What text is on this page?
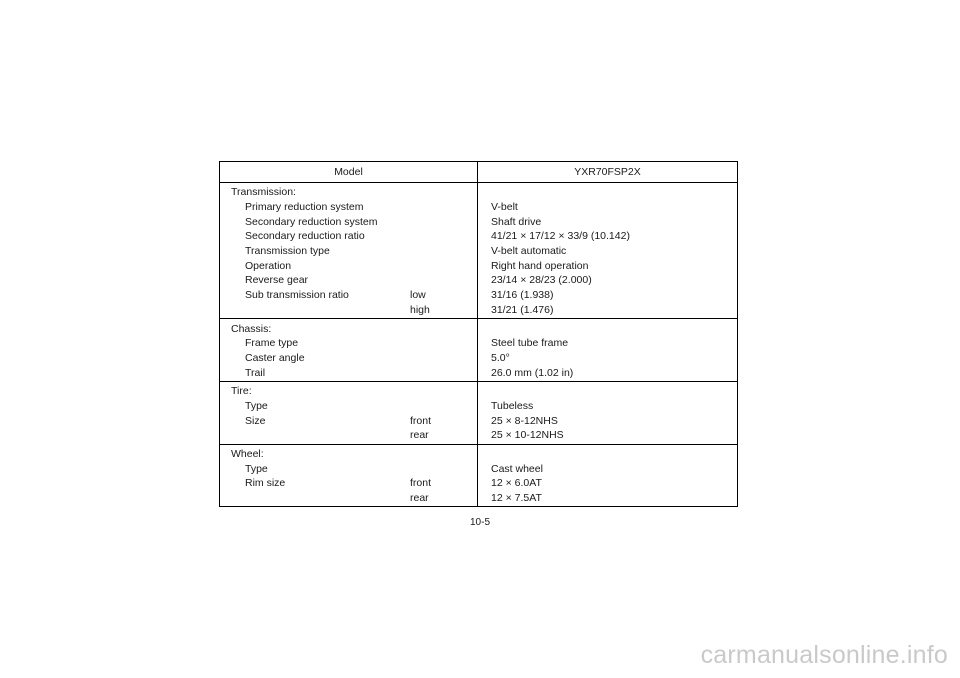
Model	YXR70FSP2X
Transmission:
Primary reduction system	V-belt
Secondary reduction system	Shaft drive
Secondary reduction ratio	41/21 × 17/12 × 33/9 (10.142)
Transmission type	V-belt automatic
Operation	Right hand operation
Reverse gear	23/14 × 28/23 (2.000)
Sub transmission ratio	low	31/16 (1.938)
high	31/21 (1.476)
Chassis:
Frame type	Steel tube frame
Caster angle	5.0°
Trail	26.0 mm (1.02 in)
Tire:
Type	Tubeless
Size	front	25 × 8-12NHS
rear	25 × 10-12NHS
Wheel:
Type	Cast wheel
Rim size	front	12 × 6.0AT
rear	12 × 7.5AT
10-5
carmanualsonline.info
